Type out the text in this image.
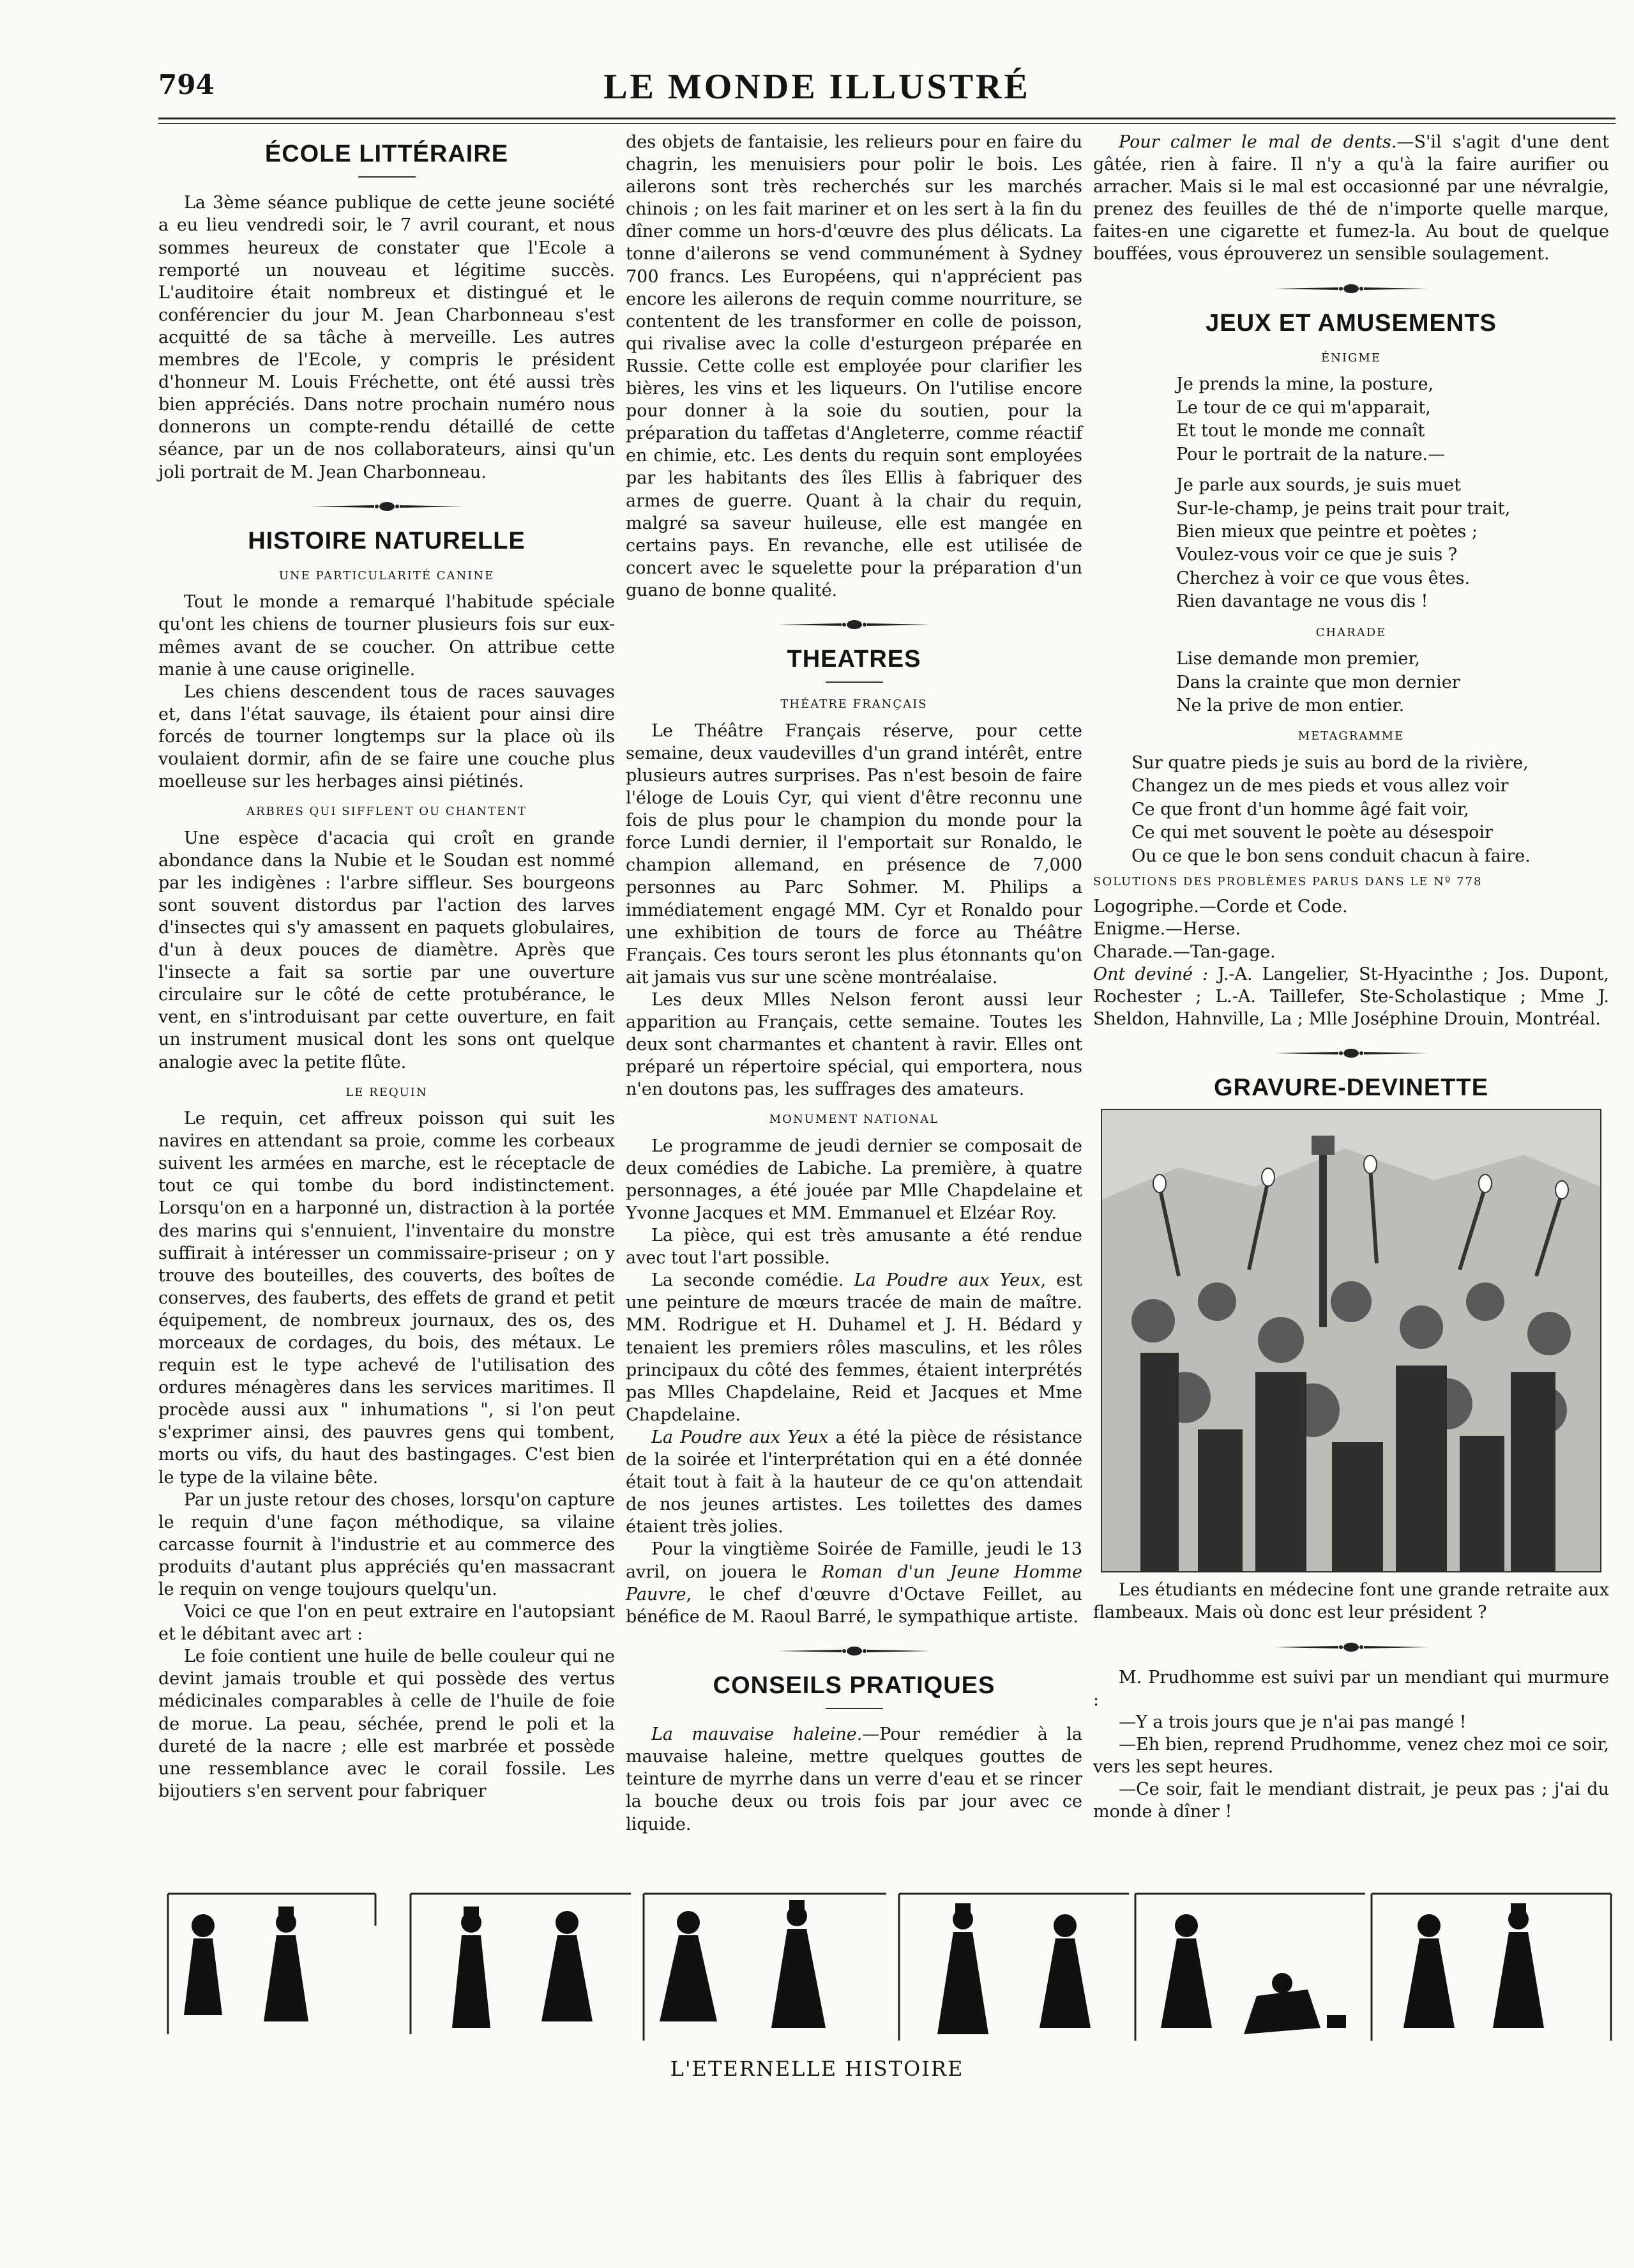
794	LE MONDE ILLUSTRÉ
ÉCOLE LITTÉRAIRE

La 3ème séance publique de cette jeune société a eu lieu vendredi soir, le 7 avril courant, et nous sommes heureux de constater que l'Ecole a remporté un nouveau et légitime succès. L'auditoire était nombreux et distingué et le conférencier du jour M. Jean Charbonneau s'est acquitté de sa tâche à merveille. Les autres membres de l'Ecole, y compris le président d'honneur M. Louis Fréchette, ont été aussi très bien appréciés. Dans notre prochain numéro nous donnerons un compte-rendu détaillé de cette séance, par un de nos collaborateurs, ainsi qu'un joli portrait de M. Jean Charbonneau.

HISTOIRE NATURELLE
UNE PARTICULARITÉ CANINE

Tout le monde a remarqué l'habitude spéciale qu'ont les chiens de tourner plusieurs fois sur eux-mêmes avant de se coucher. On attribue cette manie à une cause originelle.

Les chiens descendent tous de races sauvages et, dans l'état sauvage, ils étaient pour ainsi dire forcés de tourner longtemps sur la place où ils voulaient dormir, afin de se faire une couche plus moelleuse sur les herbages ainsi piétinés.

ARBRES QUI SIFFLENT OU CHANTENT

Une espèce d'acacia qui croît en grande abondance dans la Nubie et le Soudan est nommé par les indigènes : l'arbre siffleur. Ses bourgeons sont souvent distordus par l'action des larves d'insectes qui s'y amassent en paquets globulaires, d'un à deux pouces de diamètre. Après que l'insecte a fait sa sortie par une ouverture circulaire sur le côté de cette protubérance, le vent, en s'introduisant par cette ouverture, en fait un instrument musical dont les sons ont quelque analogie avec la petite flûte.

LE REQUIN

Le requin, cet affreux poisson qui suit les navires en attendant sa proie, comme les corbeaux suivent les armées en marche, est le réceptacle de tout ce qui tombe du bord indistinctement. Lorsqu'on en a harponné un, distraction à la portée des marins qui s'ennuient, l'inventaire du monstre suffirait à intéresser un commissaire-priseur ; on y trouve des bouteilles, des couverts, des boîtes de conserves, des fauberts, des effets de grand et petit équipement, de nombreux journaux, des os, des morceaux de cordages, du bois, des métaux. Le requin est le type achevé de l'utilisation des ordures ménagères dans les services maritimes. Il procède aussi aux " inhumations ", si l'on peut s'exprimer ainsi, des pauvres gens qui tombent, morts ou vifs, du haut des bastingages. C'est bien le type de la vilaine bête.

Par un juste retour des choses, lorsqu'on capture le requin d'une façon méthodique, sa vilaine carcasse fournit à l'industrie et au commerce des produits d'autant plus appréciés qu'en massacrant le requin on venge toujours quelqu'un.

Voici ce que l'on en peut extraire en l'autopsiant et le débitant avec art :

Le foie contient une huile de belle couleur qui ne devint jamais trouble et qui possède des vertus médicinales comparables à celle de l'huile de foie de morue. La peau, séchée, prend le poli et la dureté de la nacre ; elle est marbrée et possède une ressemblance avec le corail fossile. Les bijoutiers s'en servent pour fabriquer

des objets de fantaisie, les relieurs pour en faire du chagrin, les menuisiers pour polir le bois. Les ailerons sont très recherchés sur les marchés chinois ; on les fait mariner et on les sert à la fin du dîner comme un hors-d'œuvre des plus délicats. La tonne d'ailerons se vend communément à Sydney 700 francs. Les Européens, qui n'apprécient pas encore les ailerons de requin comme nourriture, se contentent de les transformer en colle de poisson, qui rivalise avec la colle d'esturgeon préparée en Russie. Cette colle est employée pour clarifier les bières, les vins et les liqueurs. On l'utilise encore pour donner à la soie du soutien, pour la préparation du taffetas d'Angleterre, comme réactif en chimie, etc. Les dents du requin sont employées par les habitants des îles Ellis à fabriquer des armes de guerre. Quant à la chair du requin, malgré sa saveur huileuse, elle est mangée en certains pays. En revanche, elle est utilisée de concert avec le squelette pour la préparation d'un guano de bonne qualité.

THEATRES
THÉATRE FRANÇAIS

Le Théâtre Français réserve, pour cette semaine, deux vaudevilles d'un grand intérêt, entre plusieurs autres surprises. Pas n'est besoin de faire l'éloge de Louis Cyr, qui vient d'être reconnu une fois de plus pour le champion du monde pour la force Lundi dernier, il l'emportait sur Ronaldo, le champion allemand, en présence de 7,000 personnes au Parc Sohmer. M. Philips a immédiatement engagé MM. Cyr et Ronaldo pour une exhibition de tours de force au Théâtre Français. Ces tours seront les plus étonnants qu'on ait jamais vus sur une scène montréalaise.

Les deux Mlles Nelson feront aussi leur apparition au Français, cette semaine. Toutes les deux sont charmantes et chantent à ravir. Elles ont préparé un répertoire spécial, qui emportera, nous n'en doutons pas, les suffrages des amateurs.

MONUMENT NATIONAL

Le programme de jeudi dernier se composait de deux comédies de Labiche. La première, à quatre personnages, a été jouée par Mlle Chapdelaine et Yvonne Jacques et MM. Emmanuel et Elzéar Roy.

La pièce, qui est très amusante a été rendue avec tout l'art possible.

La seconde comédie. La Poudre aux Yeux, est une peinture de mœurs tracée de main de maître. MM. Rodrigue et H. Duhamel et J. H. Bédard y tenaient les premiers rôles masculins, et les rôles principaux du côté des femmes, étaient interprétés pas Mlles Chapdelaine, Reid et Jacques et Mme Chapdelaine.

La Poudre aux Yeux a été la pièce de résistance de la soirée et l'interprétation qui en a été donnée était tout à fait à la hauteur de ce qu'on attendait de nos jeunes artistes. Les toilettes des dames étaient très jolies.

Pour la vingtième Soirée de Famille, jeudi le 13 avril, on jouera le Roman d'un Jeune Homme Pauvre, le chef d'œuvre d'Octave Feillet, au bénéfice de M. Raoul Barré, le sympathique artiste.

CONSEILS PRATIQUES

La mauvaise haleine.—Pour remédier à la mauvaise haleine, mettre quelques gouttes de teinture de myrrhe dans un verre d'eau et se rincer la bouche deux ou trois fois par jour avec ce liquide.

Pour calmer le mal de dents.—S'il s'agit d'une dent gâtée, rien à faire. Il n'y a qu'à la faire aurifier ou arracher. Mais si le mal est occasionné par une névralgie, prenez des feuilles de thé de n'importe quelle marque, faites-en une cigarette et fumez-la. Au bout de quelque bouffées, vous éprouverez un sensible soulagement.

JEUX ET AMUSEMENTS
ÉNIGME
Je prends la mine, la posture,
Le tour de ce qui m'apparait,
Et tout le monde me connaît
Pour le portrait de la nature.—
Je parle aux sourds, je suis muet
Sur-le-champ, je peins trait pour trait,
Bien mieux que peintre et poètes ;
Voulez-vous voir ce que je suis ?
Cherchez à voir ce que vous êtes.
Rien davantage ne vous dis !
CHARADE
Lise demande mon premier,
Dans la crainte que mon dernier
Ne la prive de mon entier.
METAGRAMME
Sur quatre pieds je suis au bord de la rivière,
Changez un de mes pieds et vous allez voir
Ce que front d'un homme âgé fait voir,
Ce qui met souvent le poète au désespoir
Ou ce que le bon sens conduit chacun à faire.
SOLUTIONS DES PROBLÈMES PARUS DANS LE Nº 778

Logogriphe.—Corde et Code.

Enigme.—Herse.

Charade.—Tan-gage.

Ont deviné : J.-A. Langelier, St-Hyacinthe ; Jos. Dupont, Rochester ; L.-A. Taillefer, Ste-Scholastique ; Mme J. Sheldon, Hahnville, La ; Mlle Joséphine Drouin, Montréal.

GRAVURE-DEVINETTE

Les étudiants en médecine font une grande retraite aux flambeaux. Mais où donc est leur président ?

M. Prudhomme est suivi par un mendiant qui murmure :

—Y a trois jours que je n'ai pas mangé !

—Eh bien, reprend Prudhomme, venez chez moi ce soir, vers les sept heures.

—Ce soir, fait le mendiant distrait, je peux pas ; j'ai du monde à dîner !

L'ETERNELLE HISTOIRE
